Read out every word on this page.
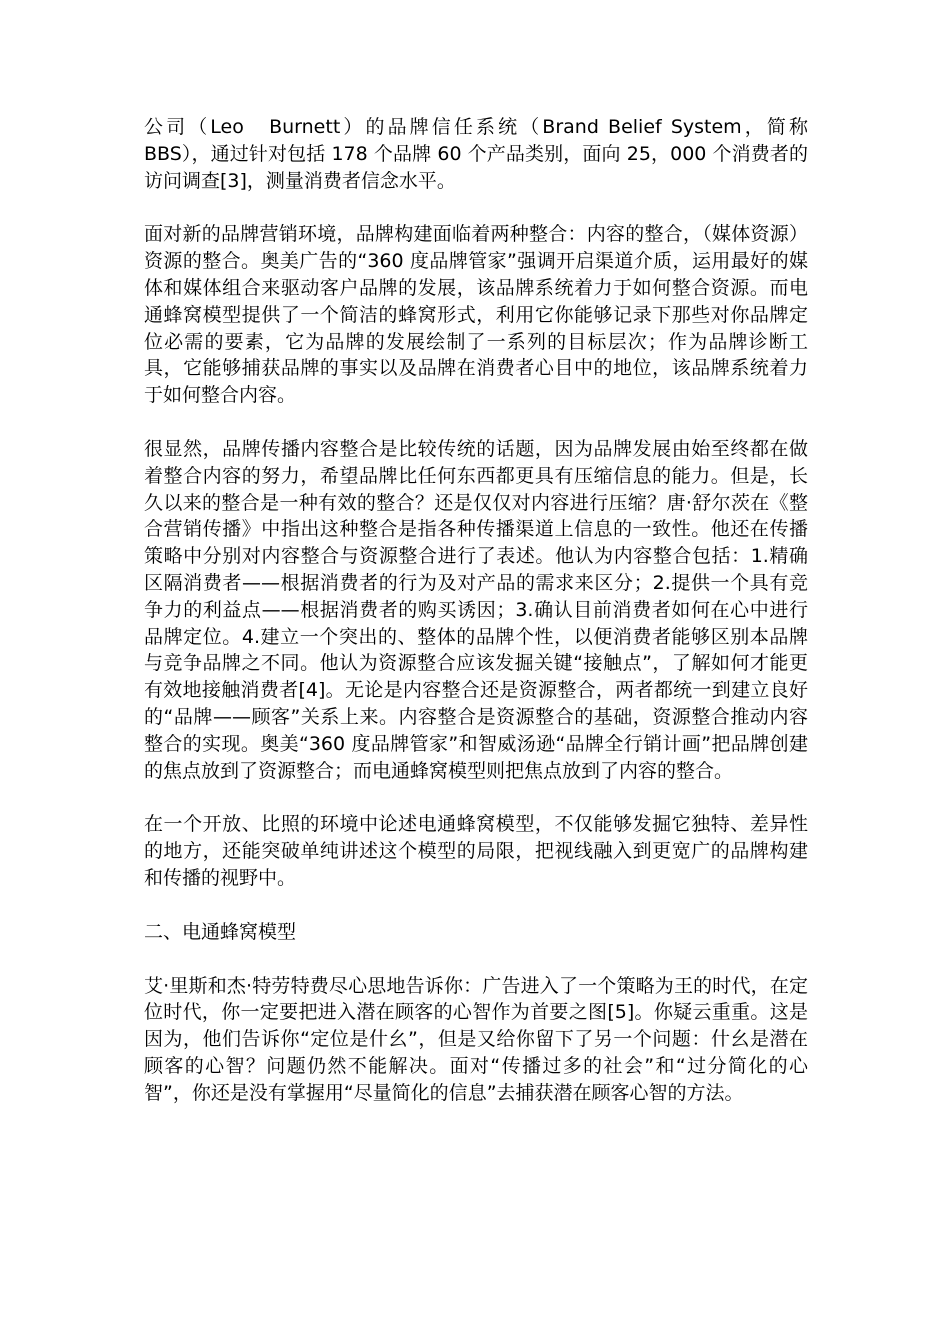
公司（Leo　Burnett）的品牌信任系统（Brand Belief System，简称 BBS），通过针对包括 178 个品牌 60 个产品类别，面向 25，000 个消费者的访问调查[3]，测量消费者信念水平。

面对新的品牌营销环境，品牌构建面临着两种整合：内容的整合，（媒体资源）资源的整合。奥美广告的“360 度品牌管家”强调开启渠道介质，运用最好的媒体和媒体组合来驱动客户品牌的发展，该品牌系统着力于如何整合资源。而电通蜂窝模型提供了一个简洁的蜂窝形式，利用它你能够记录下那些对你品牌定位必需的要素，它为品牌的发展绘制了一系列的目标层次；作为品牌诊断工具，它能够捕获品牌的事实以及品牌在消费者心目中的地位，该品牌系统着力于如何整合内容。

很显然，品牌传播内容整合是比较传统的话题，因为品牌发展由始至终都在做着整合内容的努力，希望品牌比任何东西都更具有压缩信息的能力。但是，长久以来的整合是一种有效的整合？还是仅仅对内容进行压缩？唐·舒尔茨在《整合营销传播》中指出这种整合是指各种传播渠道上信息的一致性。他还在传播策略中分别对内容整合与资源整合进行了表述。他认为内容整合包括：1.精确区隔消费者——根据消费者的行为及对产品的需求来区分；2.提供一个具有竞争力的利益点——根据消费者的购买诱因；3.确认目前消费者如何在心中进行品牌定位。4.建立一个突出的、整体的品牌个性，以便消费者能够区别本品牌与竞争品牌之不同。他认为资源整合应该发掘关键“接触点”，了解如何才能更有效地接触消费者[4]。无论是内容整合还是资源整合，两者都统一到建立良好的“品牌——顾客”关系上来。内容整合是资源整合的基础，资源整合推动内容整合的实现。奥美“360 度品牌管家”和智威汤逊“品牌全行销计画”把品牌创建的焦点放到了资源整合；而电通蜂窝模型则把焦点放到了内容的整合。

在一个开放、比照的环境中论述电通蜂窝模型，不仅能够发掘它独特、差异性的地方，还能突破单纯讲述这个模型的局限，把视线融入到更宽广的品牌构建和传播的视野中。

二、电通蜂窝模型

艾·里斯和杰·特劳特费尽心思地告诉你：广告进入了一个策略为王的时代，在定位时代，你一定要把进入潜在顾客的心智作为首要之图[5]。你疑云重重。这是因为，他们告诉你“定位是什幺”，但是又给你留下了另一个问题：什幺是潜在顾客的心智？问题仍然不能解决。面对“传播过多的社会”和“过分简化的心智”，你还是没有掌握用“尽量简化的信息”去捕获潜在顾客心智的方法。
